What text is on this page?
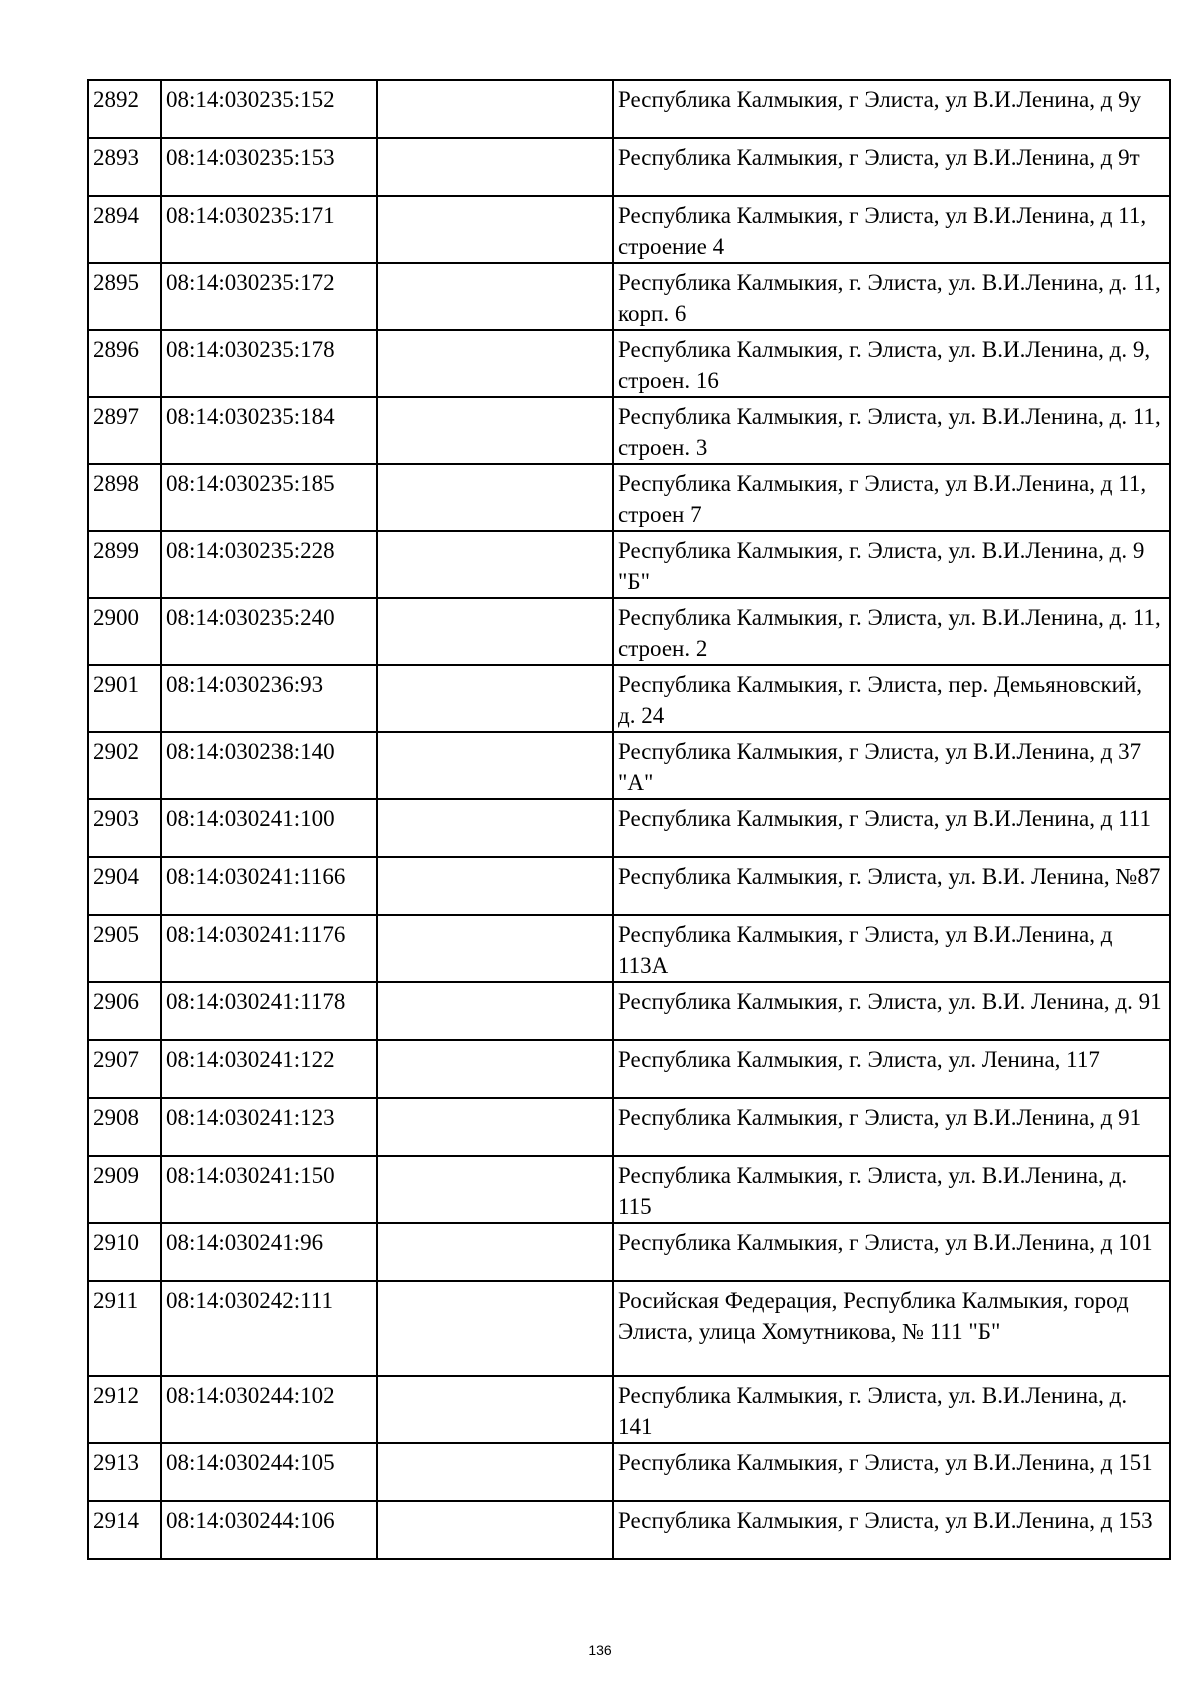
2892	08:14:030235:152		Республика Калмыкия, г Элиста, ул В.И.Ленина, д 9у
2893	08:14:030235:153		Республика Калмыкия, г Элиста, ул В.И.Ленина, д 9т
2894	08:14:030235:171		Республика Калмыкия, г Элиста, ул В.И.Ленина, д 11, строение 4
2895	08:14:030235:172		Республика Калмыкия, г. Элиста, ул. В.И.Ленина, д. 11, корп. 6
2896	08:14:030235:178		Республика Калмыкия, г. Элиста, ул. В.И.Ленина, д. 9, строен. 16
2897	08:14:030235:184		Республика Калмыкия, г. Элиста, ул. В.И.Ленина, д. 11, строен. 3
2898	08:14:030235:185		Республика Калмыкия, г Элиста, ул В.И.Ленина, д 11, строен 7
2899	08:14:030235:228		Республика Калмыкия, г. Элиста, ул. В.И.Ленина, д. 9 "Б"
2900	08:14:030235:240		Республика Калмыкия, г. Элиста, ул. В.И.Ленина, д. 11, строен. 2
2901	08:14:030236:93		Республика Калмыкия, г. Элиста, пер. Демьяновский, д. 24
2902	08:14:030238:140		Республика Калмыкия, г Элиста, ул В.И.Ленина, д 37 "А"
2903	08:14:030241:100		Республика Калмыкия, г Элиста, ул В.И.Ленина, д 111
2904	08:14:030241:1166		Республика Калмыкия, г. Элиста, ул. В.И. Ленина, №87
2905	08:14:030241:1176		Республика Калмыкия, г Элиста, ул В.И.Ленина, д 113А
2906	08:14:030241:1178		Республика Калмыкия, г. Элиста, ул. В.И. Ленина, д. 91
2907	08:14:030241:122		Республика Калмыкия, г. Элиста, ул. Ленина, 117
2908	08:14:030241:123		Республика Калмыкия, г Элиста, ул В.И.Ленина, д 91
2909	08:14:030241:150		Республика Калмыкия, г. Элиста, ул. В.И.Ленина, д. 115
2910	08:14:030241:96		Республика Калмыкия, г Элиста, ул В.И.Ленина, д 101
2911	08:14:030242:111		Росийская Федерация, Республика Калмыкия, город Элиста, улица Хомутникова, № 111 "Б"
2912	08:14:030244:102		Республика Калмыкия, г. Элиста, ул. В.И.Ленина, д. 141
2913	08:14:030244:105		Республика Калмыкия, г Элиста, ул В.И.Ленина, д 151
2914	08:14:030244:106		Республика Калмыкия, г Элиста, ул В.И.Ленина, д 153
136
